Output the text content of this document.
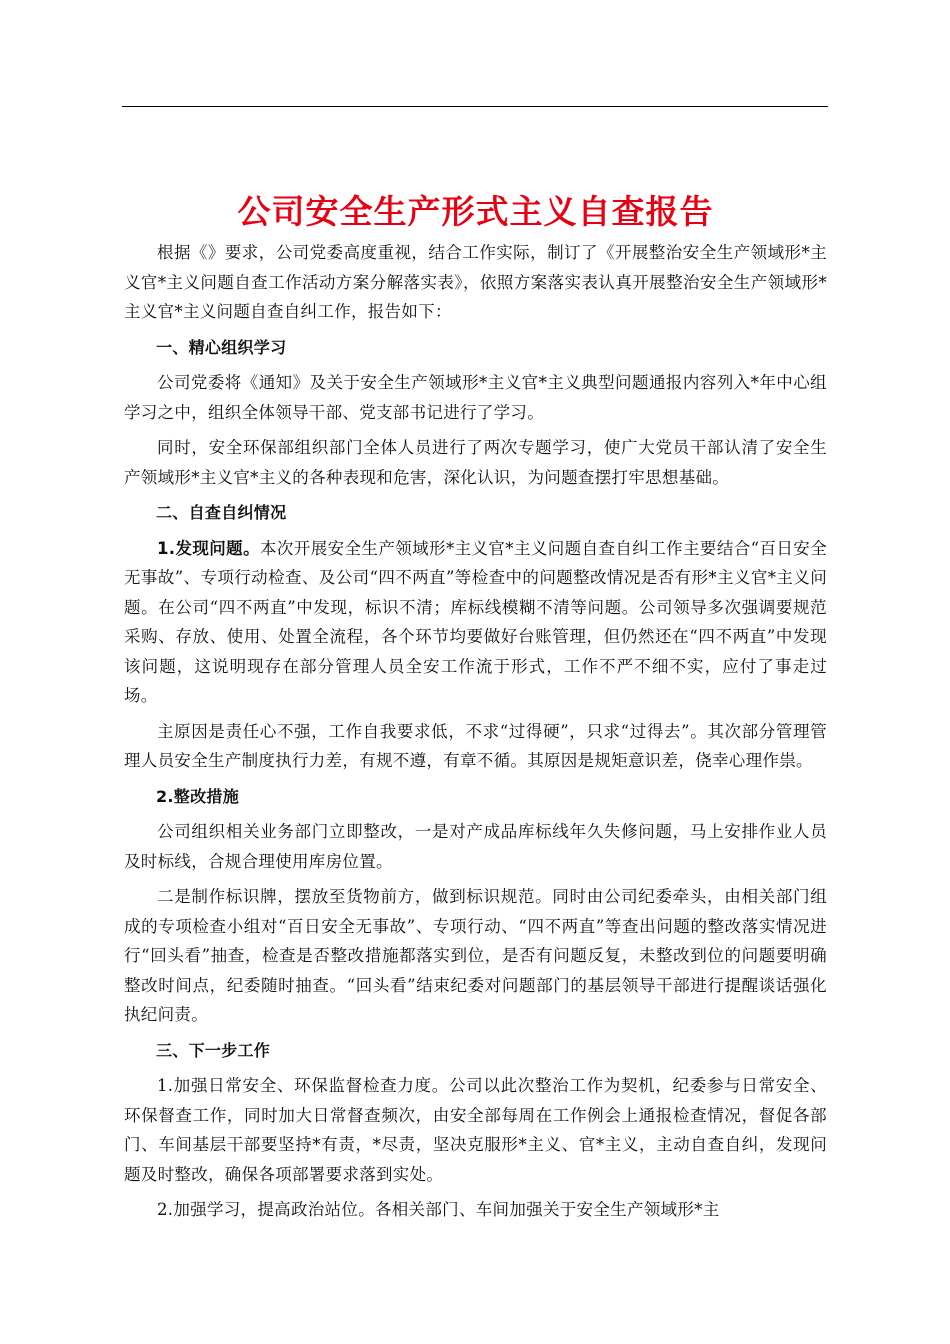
公司安全生产形式主义自查报告

根据《》要求，公司党委高度重视，结合工作实际，制订了《开展整治安全生产领域形*主义官*主义问题自查工作活动方案分解落实表》，依照方案落实表认真开展整治安全生产领域形*主义官*主义问题自查自纠工作，报告如下：

一、精心组织学习

公司党委将《通知》及关于安全生产领域形*主义官*主义典型问题通报内容列入*年中心组学习之中，组织全体领导干部、党支部书记进行了学习。

同时，安全环保部组织部门全体人员进行了两次专题学习，使广大党员干部认清了安全生产领域形*主义官*主义的各种表现和危害，深化认识，为问题查摆打牢思想基础。

二、自查自纠情况

1.发现问题。本次开展安全生产领域形*主义官*主义问题自查自纠工作主要结合“百日安全无事故”、专项行动检查、及公司“四不两直”等检查中的问题整改情况是否有形*主义官*主义问题。在公司“四不两直”中发现，标识不清；库标线模糊不清等问题。公司领导多次强调要规范采购、存放、使用、处置全流程，各个环节均要做好台账管理，但仍然还在“四不两直”中发现该问题，这说明现存在部分管理人员全安工作流于形式，工作不严不细不实，应付了事走过场。

主原因是责任心不强，工作自我要求低，不求“过得硬”，只求“过得去”。其次部分管理管理人员安全生产制度执行力差，有规不遵，有章不循。其原因是规矩意识差，侥幸心理作祟。

2.整改措施

公司组织相关业务部门立即整改，一是对产成品库标线年久失修问题，马上安排作业人员及时标线，合规合理使用库房位置。

二是制作标识牌，摆放至货物前方，做到标识规范。同时由公司纪委牵头，由相关部门组成的专项检查小组对“百日安全无事故”、专项行动、“四不两直”等查出问题的整改落实情况进行“回头看”抽查，检查是否整改措施都落实到位，是否有问题反复，未整改到位的问题要明确整改时间点，纪委随时抽查。“回头看”结束纪委对问题部门的基层领导干部进行提醒谈话强化执纪问责。

三、下一步工作

1.加强日常安全、环保监督检查力度。公司以此次整治工作为契机，纪委参与日常安全、环保督查工作，同时加大日常督查频次，由安全部每周在工作例会上通报检查情况，督促各部门、车间基层干部要坚持*有责，*尽责，坚决克服形*主义、官*主义，主动自查自纠，发现问题及时整改，确保各项部署要求落到实处。

2.加强学习，提高政治站位。各相关部门、车间加强关于安全生产领域形*主
